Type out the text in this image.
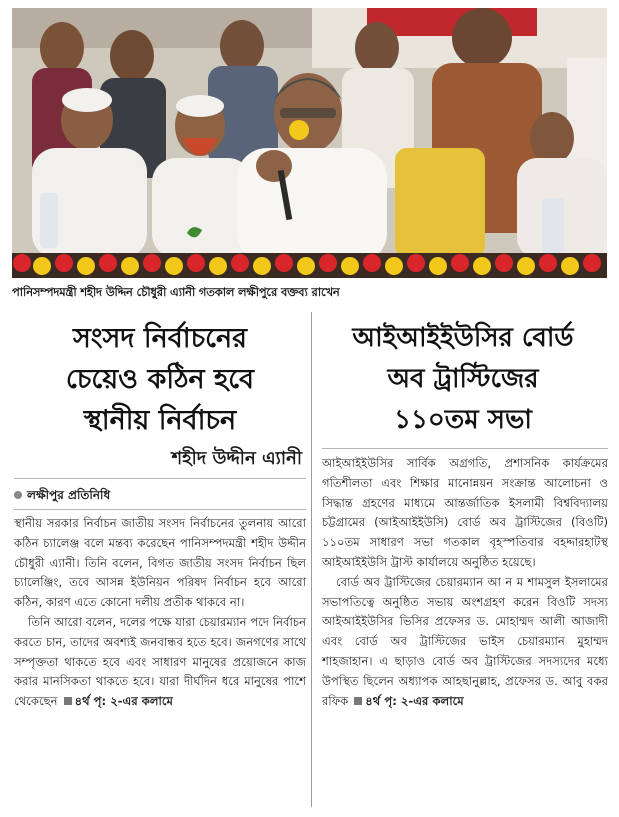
পানিসম্পদমন্ত্রী শহীদ উদ্দিন চৌধুরী এ্যানী গতকাল লক্ষীপুরে বক্তব্য রাখেন
সংসদ নির্বাচনের
চেয়েও কঠিন হবে
স্থানীয় নির্বাচন
শহীদ উদ্দীন এ্যানী
লক্ষীপুর প্রতিনিধি

স্থানীয় সরকার নির্বাচন জাতীয় সংসদ নির্বাচনের তুলনায় আরো কঠিন চ্যালেঞ্জ বলে মন্তব্য করেছেন পানিসম্পদমন্ত্রী শহীদ উদ্দীন চৌধুরী এ্যানী। তিনি বলেন, বিগত জাতীয় সংসদ নির্বাচন ছিল চ্যালেঞ্জিং, তবে আসন্ন ইউনিয়ন পরিষদ নির্বাচন হবে আরো কঠিন, কারণ এতে কোনো দলীয় প্রতীক থাকবে না।

তিনি আরো বলেন, দলের পক্ষে যারা চেয়ারম্যান পদে নির্বাচন করতে চান, তাদের অবশ্যই জনবান্ধব হতে হবে। জনগণের সাথে সম্পৃক্ততা থাকতে হবে এবং সাধারণ মানুষের প্রয়োজনে কাজ করার মানসিকতা থাকতে হবে। যারা দীর্ঘদিন ধরে মানুষের পাশে থেকেছেন ৪র্থ পৃ: ২-এর কলামে

আইআইইউসির বোর্ড
অব ট্রাস্টিজের
১১০তম সভা

আইআইইউসির সার্বিক অগ্রগতি, প্রশাসনিক কার্যক্রমের গতিশীলতা এবং শিক্ষার মানোন্নয়ন সংক্রান্ত আলোচনা ও সিদ্ধান্ত গ্রহণের মাধ্যমে আন্তর্জাতিক ইসলামী বিশ্ববিদ্যালয় চট্টগ্রামের (আইআইইউসি) বোর্ড অব ট্রাস্টিজের (বিওটি) ১১০তম সাধারণ সভা গতকাল বৃহস্পতিবার বহদ্দারহাটস্থ আইআইইউসি ট্রাস্ট কার্যালয়ে অনুষ্ঠিত হয়েছে।

বোর্ড অব ট্রাস্টিজের চেয়ারম্যান আ ন ম শামসুল ইসলামের সভাপতিত্বে অনুষ্ঠিত সভায় অংশগ্রহণ করেন বিওটি সদস্য আইআইইউসির ভিসির প্রফেসর ড. মোহাম্মদ আলী আজাদী এবং বোর্ড অব ট্রাস্টিজের ভাইস চেয়ারম্যান মুহাম্মদ শাহজাহান। এ ছাড়াও বোর্ড অব ট্রাস্টিজের সদস্যদের মধ্যে উপস্থিত ছিলেন অধ্যাপক আহছানুল্লাহ, প্রফেসর ড. আবু বকর রফিক ৪র্থ পৃ: ২-এর কলামে
